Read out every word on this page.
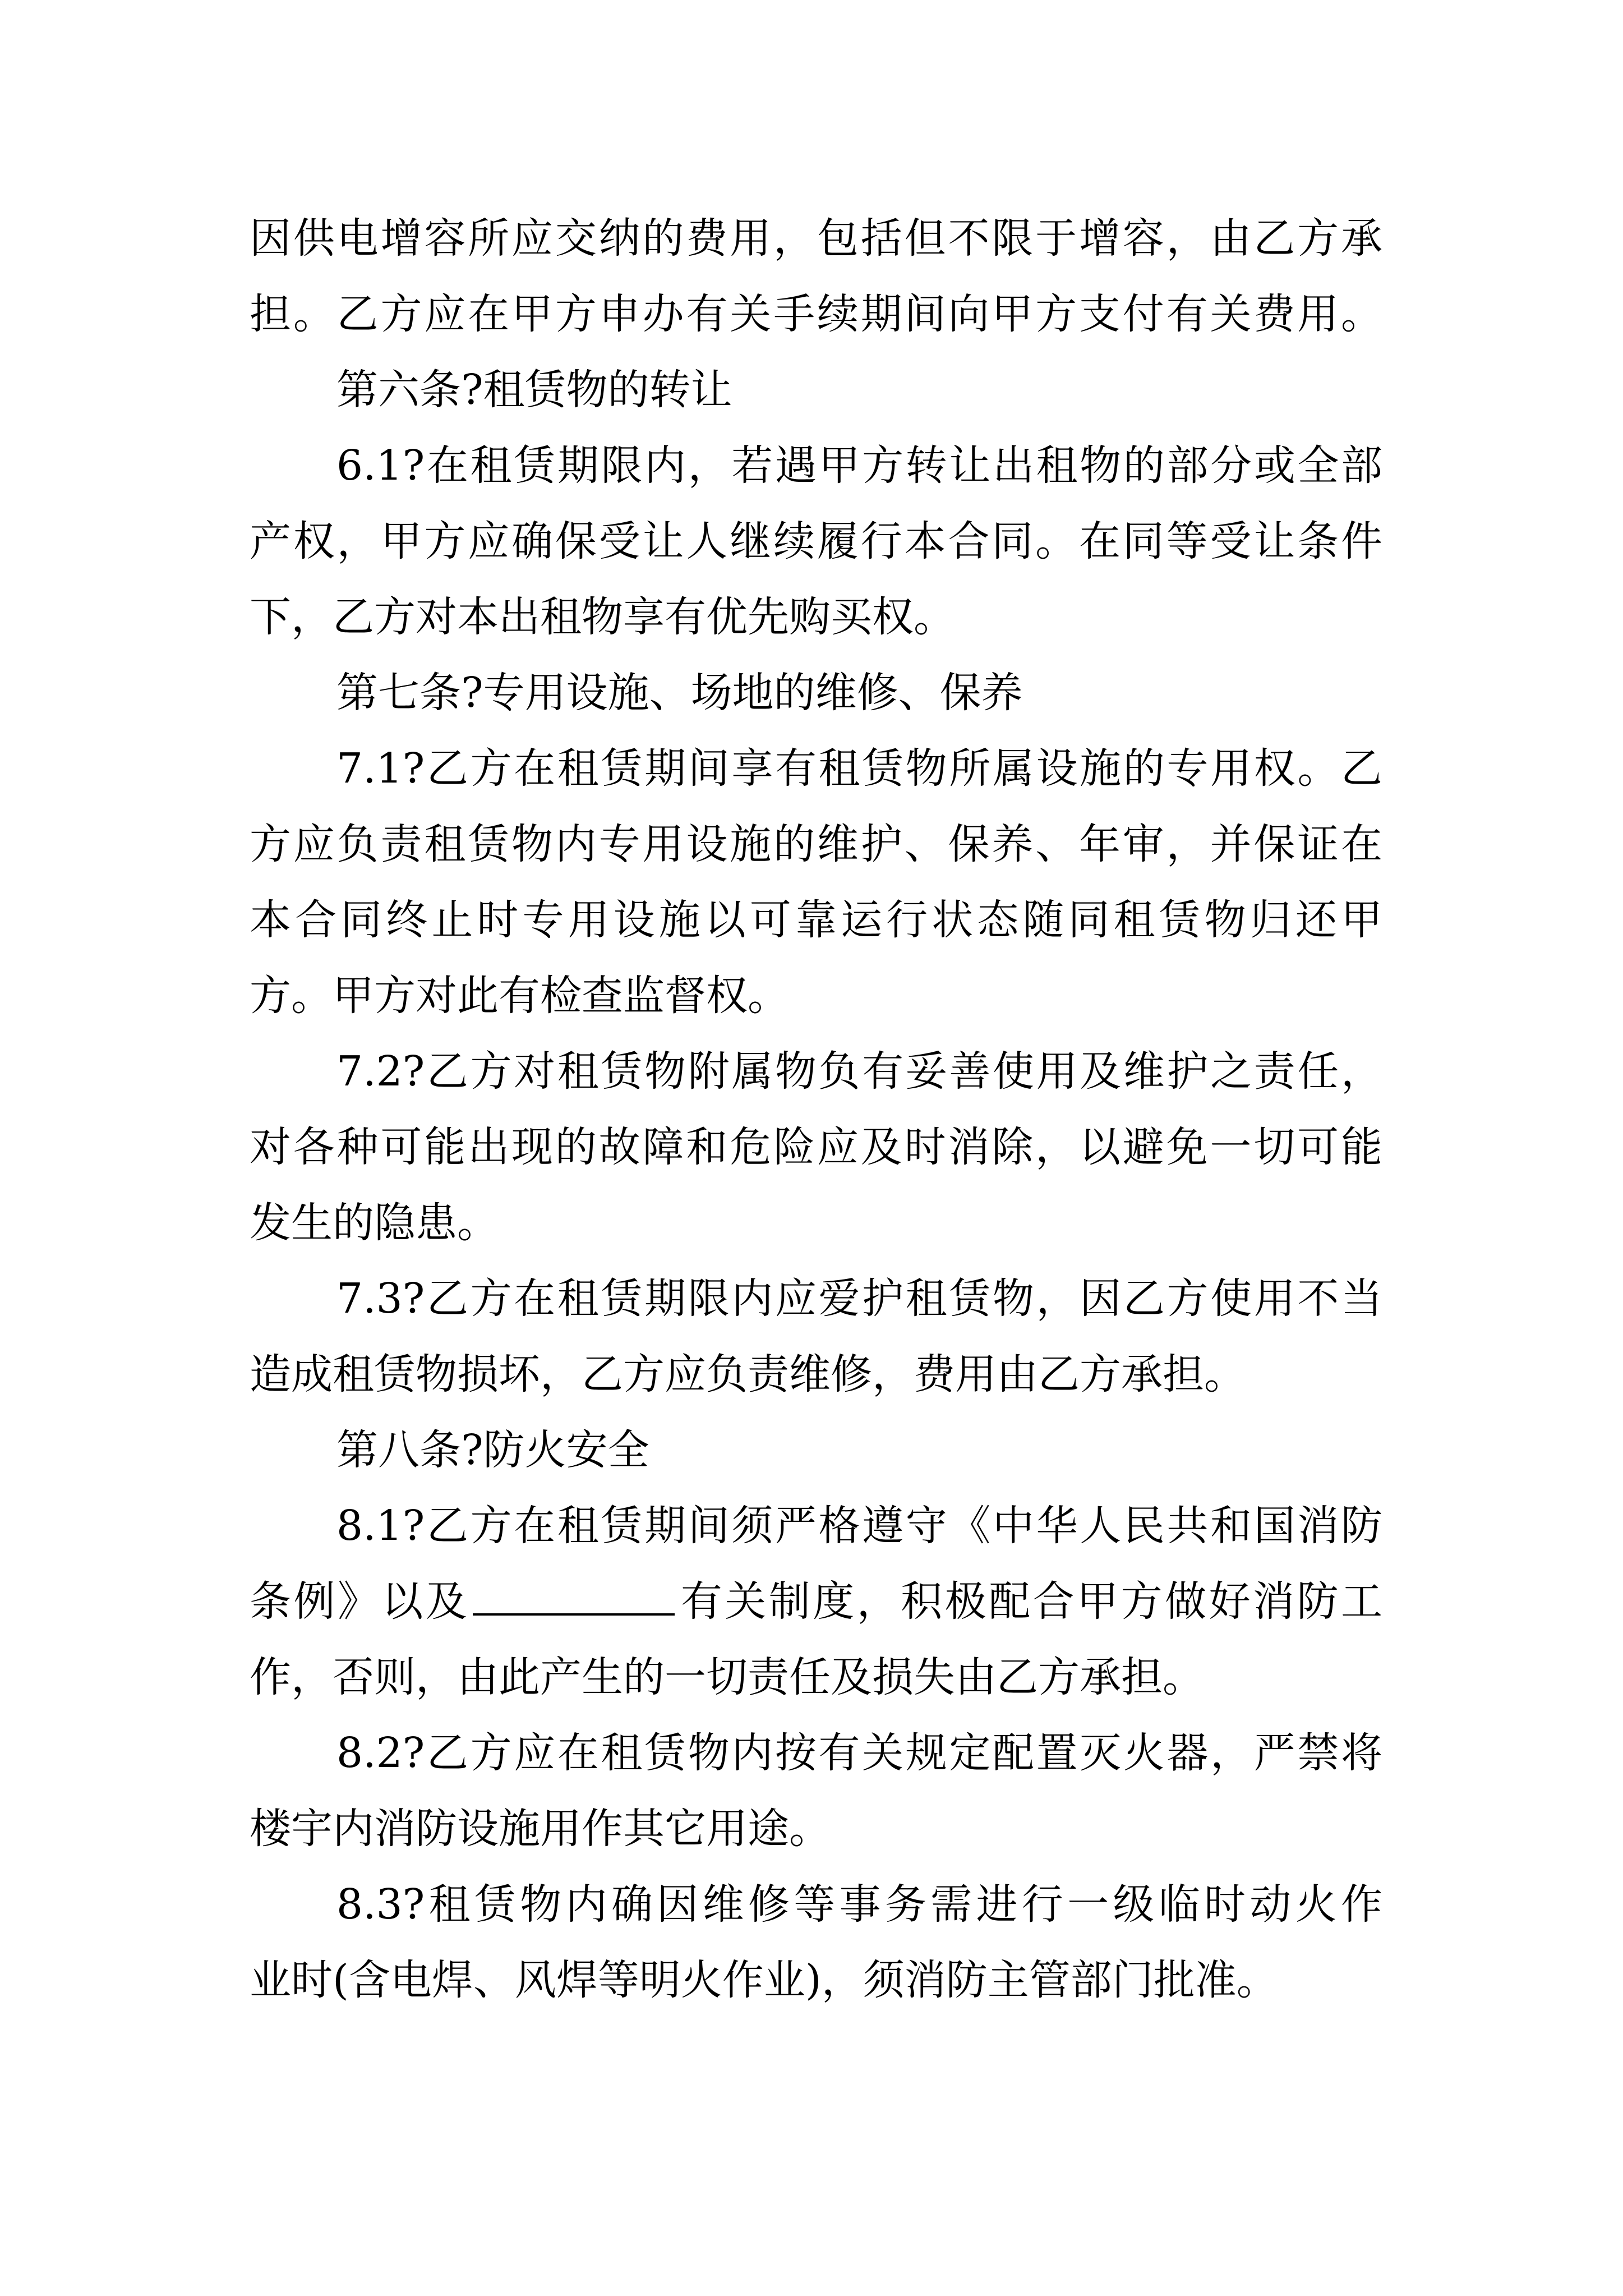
因供电增容所应交纳的费用，包括但不限于增容，由乙方承

担。乙方应在甲方申办有关手续期间向甲方支付有关费用。

第六条?租赁物的转让

6.1?在租赁期限内，若遇甲方转让出租物的部分或全部

产权，甲方应确保受让人继续履行本合同。在同等受让条件

下，乙方对本出租物享有优先购买权。

第七条?专用设施、场地的维修、保养

7.1?乙方在租赁期间享有租赁物所属设施的专用权。乙

方应负责租赁物内专用设施的维护、保养、年审，并保证在

本合同终止时专用设施以可靠运行状态随同租赁物归还甲

方。甲方对此有检查监督权。

7.2?乙方对租赁物附属物负有妥善使用及维护之责任，

对各种可能出现的故障和危险应及时消除，以避免一切可能

发生的隐患。

7.3?乙方在租赁期限内应爱护租赁物，因乙方使用不当

造成租赁物损坏，乙方应负责维修，费用由乙方承担。

第八条?防火安全

8.1?乙方在租赁期间须严格遵守《中华人民共和国消防

条例》以及	有关制度，积极配合甲方做好消防工

作，否则，由此产生的一切责任及损失由乙方承担。

8.2?乙方应在租赁物内按有关规定配置灭火器，严禁将

楼宇内消防设施用作其它用途。

8.3?租赁物内确因维修等事务需进行一级临时动火作

业时(含电焊、风焊等明火作业)，须消防主管部门批准。
